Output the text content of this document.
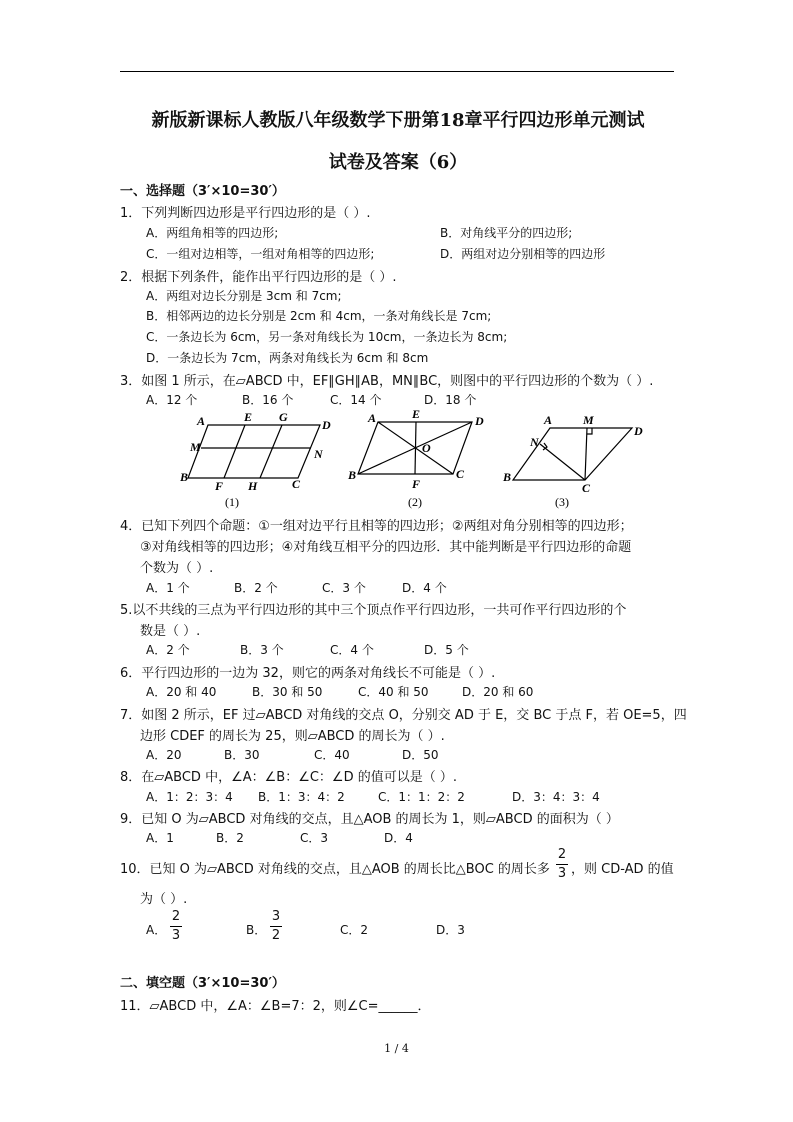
新版新课标人教版八年级数学下册第18章平行四边形单元测试
试卷及答案（6）
一、选择题（3′×10=30′）
1．下列判断四边形是平行四边形的是（ ）.
A．两组角相等的四边形;	B．对角线平分的四边形;
C．一组对边相等，一组对角相等的四边形;	D．两组对边分别相等的四边形
2．根据下列条件，能作出平行四边形的是（ ）.
A．两组对边长分别是 3cm 和 7cm;
B．相邻两边的边长分别是 2cm 和 4cm，一条对角线长是 7cm;
C．一条边长为 6cm，另一条对角线长为 10cm，一条边长为 8cm;
D．一条边长为 7cm，两条对角线长为 6cm 和 8cm
3．如图 1 所示，在▱ABCD 中，EF∥GH∥AB，MN∥BC，则图中的平行四边形的个数为（ ）.
A．12 个	B．16 个	C．14 个	D．18 个
A	E G
D
M	N
B
F H	C
(1)
A	E	D
O
B
F
C
(2)
A	M
D
N
B
C
(3)
4．已知下列四个命题：①一组对边平行且相等的四边形；②两组对角分别相等的四边形；
③对角线相等的四边形；④对角线互相平分的四边形．其中能判断是平行四边形的命题
个数为（ ）.
A．1 个	B．2 个	C．3 个	D．4 个
5.以不共线的三点为平行四边形的其中三个顶点作平行四边形，一共可作平行四边形的个
数是（ ）.
A．2 个	B．3 个	C．4 个	D．5 个
6．平行四边形的一边为 32，则它的两条对角线长不可能是（ ）.
A．20 和 40	B．30 和 50	C．40 和 50	D．20 和 60
7．如图 2 所示，EF 过▱ABCD 对角线的交点 O，分别交 AD 于 E，交 BC 于点 F，若 OE=5，四
边形 CDEF 的周长为 25，则▱ABCD 的周长为（ ）.
A．20	B．30	C．40	D．50
8．在▱ABCD 中，∠A：∠B：∠C：∠D 的值可以是（ ）.
A．1：2：3：4 B．1：3：4：2	C．1：1：2：2	D．3：4：3：4
9．已知 O 为▱ABCD 对角线的交点，且△AOB 的周长为 1，则▱ABCD 的面积为（ ）
A．1	B．2	C．3	D．4
10．已知 O 为▱ABCD 对角线的交点，且△AOB 的周长比△BOC 的周长多
2
3 ，则 CD-AD 的值
为（ ）.
A．
2
3	B．
3
2	C．2	D．3
二、填空题（3′×10=30′）
11．▱ABCD 中，∠A：∠B=7：2，则∠C=______．
1 / 4
